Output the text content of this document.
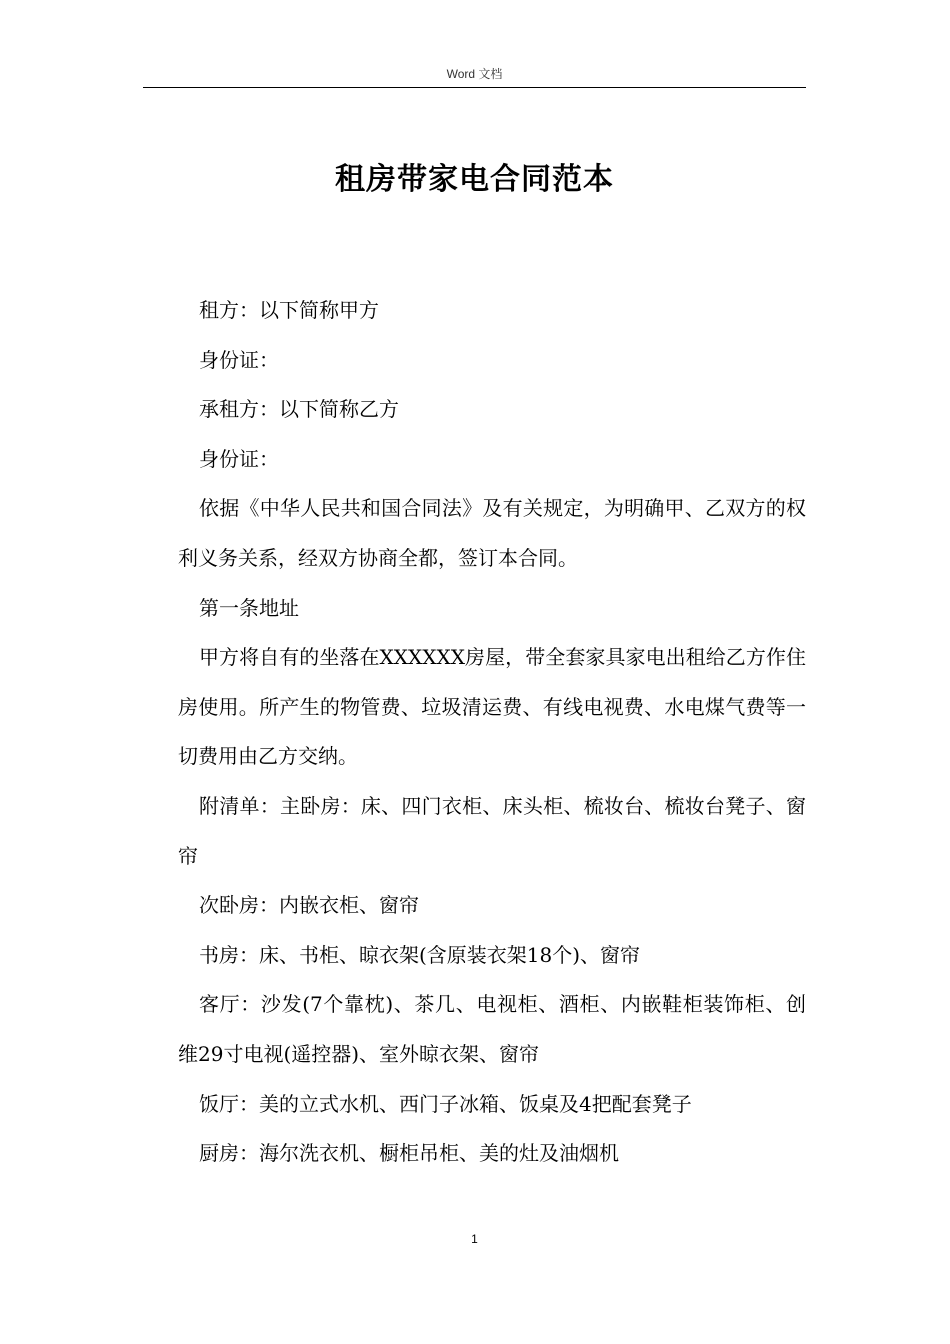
Word 文档
租房带家电合同范本

租方：以下简称甲方

身份证：

承租方：以下简称乙方

身份证：

依据《中华人民共和国合同法》及有关规定，为明确甲、乙双方的权利义务关系，经双方协商全都，签订本合同。

第一条地址

甲方将自有的坐落在XXXXXX房屋，带全套家具家电出租给乙方作住房使用。所产生的物管费、垃圾清运费、有线电视费、水电煤气费等一切费用由乙方交纳。

附清单：主卧房：床、四门衣柜、床头柜、梳妆台、梳妆台凳子、窗帘

次卧房：内嵌衣柜、窗帘

书房：床、书柜、晾衣架(含原装衣架18个)、窗帘

客厅：沙发(7个靠枕)、茶几、电视柜、酒柜、内嵌鞋柜装饰柜、创维29寸电视(遥控器)、室外晾衣架、窗帘

饭厅：美的立式水机、西门子冰箱、饭桌及4把配套凳子

厨房：海尔洗衣机、橱柜吊柜、美的灶及油烟机

1
